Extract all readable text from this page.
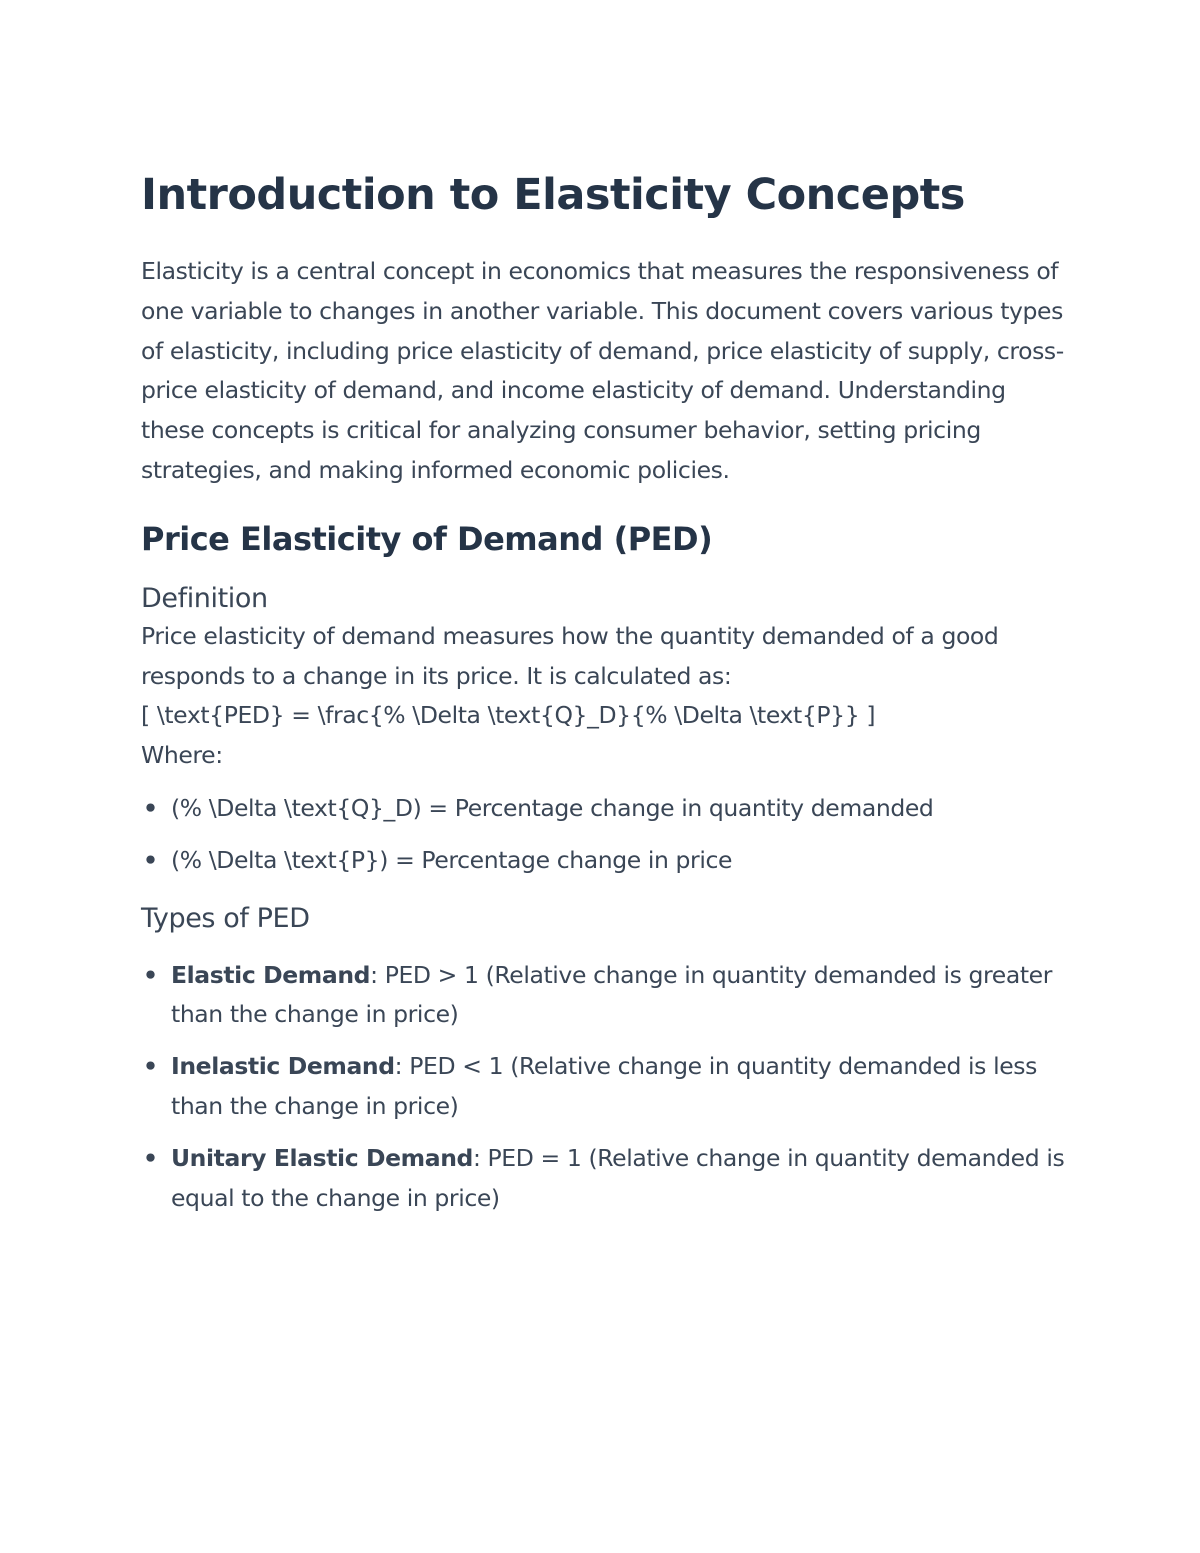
Introduction to Elasticity Concepts

Elasticity is a central concept in economics that measures the responsiveness of one variable to changes in another variable. This document covers various types of elasticity, including price elasticity of demand, price elasticity of supply, cross-price elasticity of demand, and income elasticity of demand. Understanding these concepts is critical for analyzing consumer behavior, setting pricing strategies, and making informed economic policies.

Price Elasticity of Demand (PED)
Definition

Price elasticity of demand measures how the quantity demanded of a good responds to a change in its price. It is calculated as:

[ \text{PED} = \frac{% \Delta \text{Q}_D}{% \Delta \text{P}} ]

Where:

• (% \Delta \text{Q}_D) = Percentage change in quantity demanded
• (% \Delta \text{P}) = Percentage change in price
Types of PED
• Elastic Demand: PED > 1 (Relative change in quantity demanded is greater than the change in price)
• Inelastic Demand: PED < 1 (Relative change in quantity demanded is less than the change in price)
• Unitary Elastic Demand: PED = 1 (Relative change in quantity demanded is equal to the change in price)
